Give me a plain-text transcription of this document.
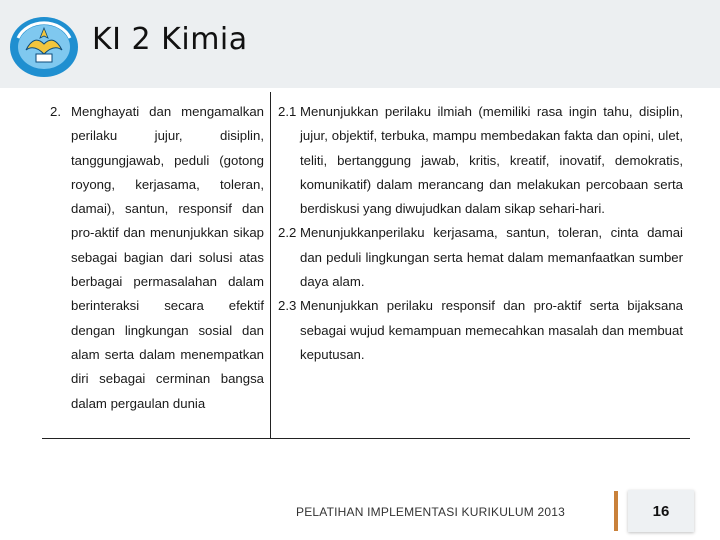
KI 2 Kimia
2. Menghayati dan mengamalkan perilaku jujur, disiplin, tanggungjawab, peduli (gotong royong, kerjasama, toleran, damai), santun, responsif dan pro-aktif dan menunjukkan sikap sebagai bagian dari solusi atas berbagai permasalahan dalam berinteraksi secara efektif dengan lingkungan sosial dan alam serta dalam menempatkan diri sebagai cerminan bangsa dalam pergaulan dunia
2.1 Menunjukkan perilaku ilmiah (memiliki rasa ingin tahu, disiplin, jujur, objektif, terbuka, mampu membedakan fakta dan opini, ulet, teliti, bertanggung jawab, kritis, kreatif, inovatif, demokratis, komunikatif) dalam merancang dan melakukan percobaan serta berdiskusi yang diwujudkan dalam sikap sehari-hari.
2.2 Menunjukkanperilaku kerjasama, santun, toleran, cinta damai dan peduli lingkungan serta hemat dalam memanfaatkan sumber daya alam.
2.3 Menunjukkan perilaku responsif dan pro-aktif serta bijaksana sebagai wujud kemampuan memecahkan masalah dan membuat keputusan.
PELATIHAN IMPLEMENTASI KURIKULUM 2013	16
